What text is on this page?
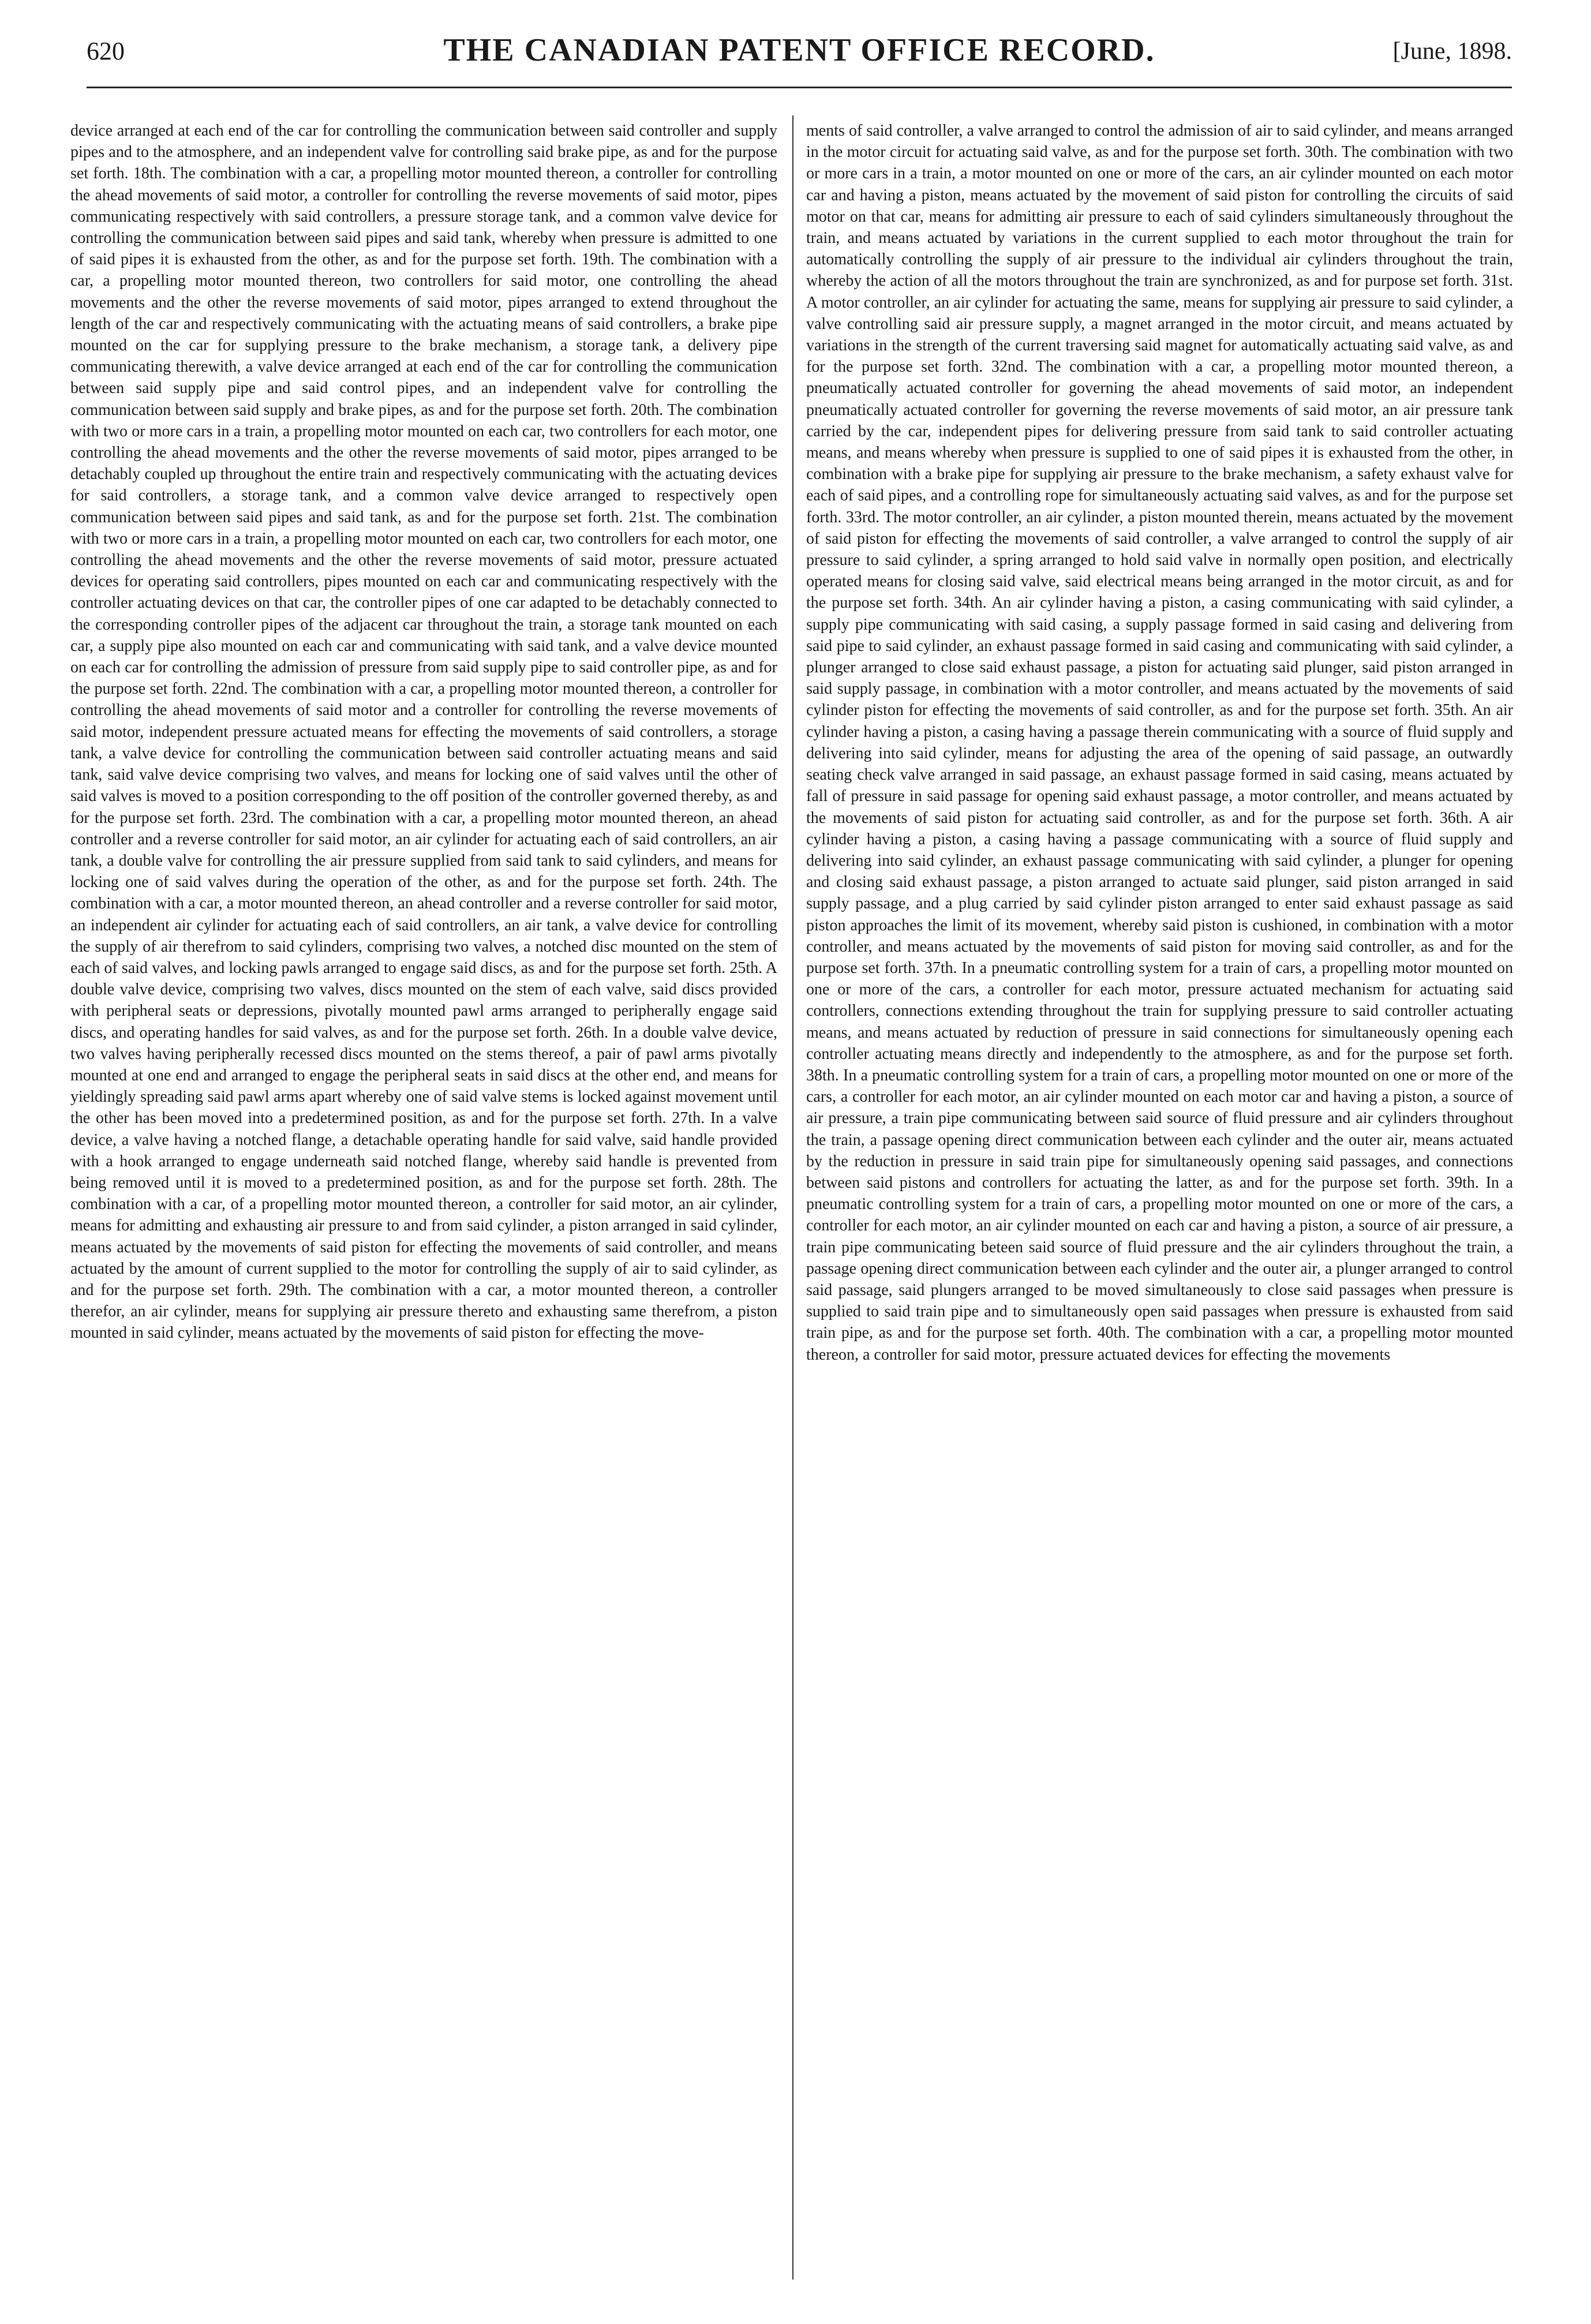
620	THE CANADIAN PATENT OFFICE RECORD.	[June, 1898.

device arranged at each end of the car for controlling the communication between said controller and supply pipes and to the atmosphere, and an independent valve for controlling said brake pipe, as and for the purpose set forth. 18th. The combination with a car, a propelling motor mounted thereon, a controller for controlling the ahead movements of said motor, a controller for controlling the reverse movements of said motor, pipes communicating respectively with said controllers, a pressure storage tank, and a common valve device for controlling the communication between said pipes and said tank, whereby when pressure is admitted to one of said pipes it is exhausted from the other, as and for the purpose set forth. 19th. The combination with a car, a propelling motor mounted thereon, two controllers for said motor, one controlling the ahead movements and the other the reverse movements of said motor, pipes arranged to extend throughout the length of the car and respectively communicating with the actuating means of said controllers, a brake pipe mounted on the car for supplying pressure to the brake mechanism, a storage tank, a delivery pipe communicating therewith, a valve device arranged at each end of the car for controlling the communication between said supply pipe and said control pipes, and an independent valve for controlling the communication between said supply and brake pipes, as and for the purpose set forth. 20th. The combination with two or more cars in a train, a propelling motor mounted on each car, two controllers for each motor, one controlling the ahead movements and the other the reverse movements of said motor, pipes arranged to be detachably coupled up throughout the entire train and respectively communicating with the actuating devices for said controllers, a storage tank, and a common valve device arranged to respectively open communication between said pipes and said tank, as and for the purpose set forth. 21st. The combination with two or more cars in a train, a propelling motor mounted on each car, two controllers for each motor, one controlling the ahead movements and the other the reverse movements of said motor, pressure actuated devices for operating said controllers, pipes mounted on each car and communicating respectively with the controller actuating devices on that car, the controller pipes of one car adapted to be detachably connected to the corresponding controller pipes of the adjacent car throughout the train, a storage tank mounted on each car, a supply pipe also mounted on each car and communicating with said tank, and a valve device mounted on each car for controlling the admission of pressure from said supply pipe to said controller pipe, as and for the purpose set forth. 22nd. The combination with a car, a propelling motor mounted thereon, a controller for controlling the ahead movements of said motor and a controller for controlling the reverse movements of said motor, independent pressure actuated means for effecting the movements of said controllers, a storage tank, a valve device for controlling the communication between said controller actuating means and said tank, said valve device comprising two valves, and means for locking one of said valves until the other of said valves is moved to a position corresponding to the off position of the controller governed thereby, as and for the purpose set forth. 23rd. The combination with a car, a propelling motor mounted thereon, an ahead controller and a reverse controller for said motor, an air cylinder for actuating each of said controllers, an air tank, a double valve for controlling the air pressure supplied from said tank to said cylinders, and means for locking one of said valves during the operation of the other, as and for the purpose set forth. 24th. The combination with a car, a motor mounted thereon, an ahead controller and a reverse controller for said motor, an independent air cylinder for actuating each of said controllers, an air tank, a valve device for controlling the supply of air therefrom to said cylinders, comprising two valves, a notched disc mounted on the stem of each of said valves, and locking pawls arranged to engage said discs, as and for the purpose set forth. 25th. A double valve device, comprising two valves, discs mounted on the stem of each valve, said discs provided with peripheral seats or depressions, pivotally mounted pawl arms arranged to peripherally engage said discs, and operating handles for said valves, as and for the purpose set forth. 26th. In a double valve device, two valves having peripherally recessed discs mounted on the stems thereof, a pair of pawl arms pivotally mounted at one end and arranged to engage the peripheral seats in said discs at the other end, and means for yieldingly spreading said pawl arms apart whereby one of said valve stems is locked against movement until the other has been moved into a predetermined position, as and for the purpose set forth. 27th. In a valve device, a valve having a notched flange, a detachable operating handle for said valve, said handle provided with a hook arranged to engage underneath said notched flange, whereby said handle is prevented from being removed until it is moved to a predetermined position, as and for the purpose set forth. 28th. The combination with a car, of a propelling motor mounted thereon, a controller for said motor, an air cylinder, means for admitting and exhausting air pressure to and from said cylinder, a piston arranged in said cylinder, means actuated by the movements of said piston for effecting the movements of said controller, and means actuated by the amount of current supplied to the motor for controlling the supply of air to said cylinder, as and for the purpose set forth. 29th. The combination with a car, a motor mounted thereon, a controller therefor, an air cylinder, means for supplying air pressure thereto and exhausting same therefrom, a piston mounted in said cylinder, means actuated by the movements of said piston for effecting the move-

ments of said controller, a valve arranged to control the admission of air to said cylinder, and means arranged in the motor circuit for actuating said valve, as and for the purpose set forth. 30th. The combination with two or more cars in a train, a motor mounted on one or more of the cars, an air cylinder mounted on each motor car and having a piston, means actuated by the movement of said piston for controlling the circuits of said motor on that car, means for admitting air pressure to each of said cylinders simultaneously throughout the train, and means actuated by variations in the current supplied to each motor throughout the train for automatically controlling the supply of air pressure to the individual air cylinders throughout the train, whereby the action of all the motors throughout the train are synchronized, as and for purpose set forth. 31st. A motor controller, an air cylinder for actuating the same, means for supplying air pressure to said cylinder, a valve controlling said air pressure supply, a magnet arranged in the motor circuit, and means actuated by variations in the strength of the current traversing said magnet for automatically actuating said valve, as and for the purpose set forth. 32nd. The combination with a car, a propelling motor mounted thereon, a pneumatically actuated controller for governing the ahead movements of said motor, an independent pneumatically actuated controller for governing the reverse movements of said motor, an air pressure tank carried by the car, independent pipes for delivering pressure from said tank to said controller actuating means, and means whereby when pressure is supplied to one of said pipes it is exhausted from the other, in combination with a brake pipe for supplying air pressure to the brake mechanism, a safety exhaust valve for each of said pipes, and a controlling rope for simultaneously actuating said valves, as and for the purpose set forth. 33rd. The motor controller, an air cylinder, a piston mounted therein, means actuated by the movement of said piston for effecting the movements of said controller, a valve arranged to control the supply of air pressure to said cylinder, a spring arranged to hold said valve in normally open position, and electrically operated means for closing said valve, said electrical means being arranged in the motor circuit, as and for the purpose set forth. 34th. An air cylinder having a piston, a casing communicating with said cylinder, a supply pipe communicating with said casing, a supply passage formed in said casing and delivering from said pipe to said cylinder, an exhaust passage formed in said casing and communicating with said cylinder, a plunger arranged to close said exhaust passage, a piston for actuating said plunger, said piston arranged in said supply passage, in combination with a motor controller, and means actuated by the movements of said cylinder piston for effecting the movements of said controller, as and for the purpose set forth. 35th. An air cylinder having a piston, a casing having a passage therein communicating with a source of fluid supply and delivering into said cylinder, means for adjusting the area of the opening of said passage, an outwardly seating check valve arranged in said passage, an exhaust passage formed in said casing, means actuated by fall of pressure in said passage for opening said exhaust passage, a motor controller, and means actuated by the movements of said piston for actuating said controller, as and for the purpose set forth. 36th. A air cylinder having a piston, a casing having a passage communicating with a source of fluid supply and delivering into said cylinder, an exhaust passage communicating with said cylinder, a plunger for opening and closing said exhaust passage, a piston arranged to actuate said plunger, said piston arranged in said supply passage, and a plug carried by said cylinder piston arranged to enter said exhaust passage as said piston approaches the limit of its movement, whereby said piston is cushioned, in combination with a motor controller, and means actuated by the movements of said piston for moving said controller, as and for the purpose set forth. 37th. In a pneumatic controlling system for a train of cars, a propelling motor mounted on one or more of the cars, a controller for each motor, pressure actuated mechanism for actuating said controllers, connections extending throughout the train for supplying pressure to said controller actuating means, and means actuated by reduction of pressure in said connections for simultaneously opening each controller actuating means directly and independently to the atmosphere, as and for the purpose set forth. 38th. In a pneumatic controlling system for a train of cars, a propelling motor mounted on one or more of the cars, a controller for each motor, an air cylinder mounted on each motor car and having a piston, a source of air pressure, a train pipe communicating between said source of fluid pressure and air cylinders throughout the train, a passage opening direct communication between each cylinder and the outer air, means actuated by the reduction in pressure in said train pipe for simultaneously opening said passages, and connections between said pistons and controllers for actuating the latter, as and for the purpose set forth. 39th. In a pneumatic controlling system for a train of cars, a propelling motor mounted on one or more of the cars, a controller for each motor, an air cylinder mounted on each car and having a piston, a source of air pressure, a train pipe communicating beteen said source of fluid pressure and the air cylinders throughout the train, a passage opening direct communication between each cylinder and the outer air, a plunger arranged to control said passage, said plungers arranged to be moved simultaneously to close said passages when pressure is supplied to said train pipe and to simultaneously open said passages when pressure is exhausted from said train pipe, as and for the purpose set forth. 40th. The combination with a car, a propelling motor mounted thereon, a controller for said motor, pressure actuated devices for effecting the movements
